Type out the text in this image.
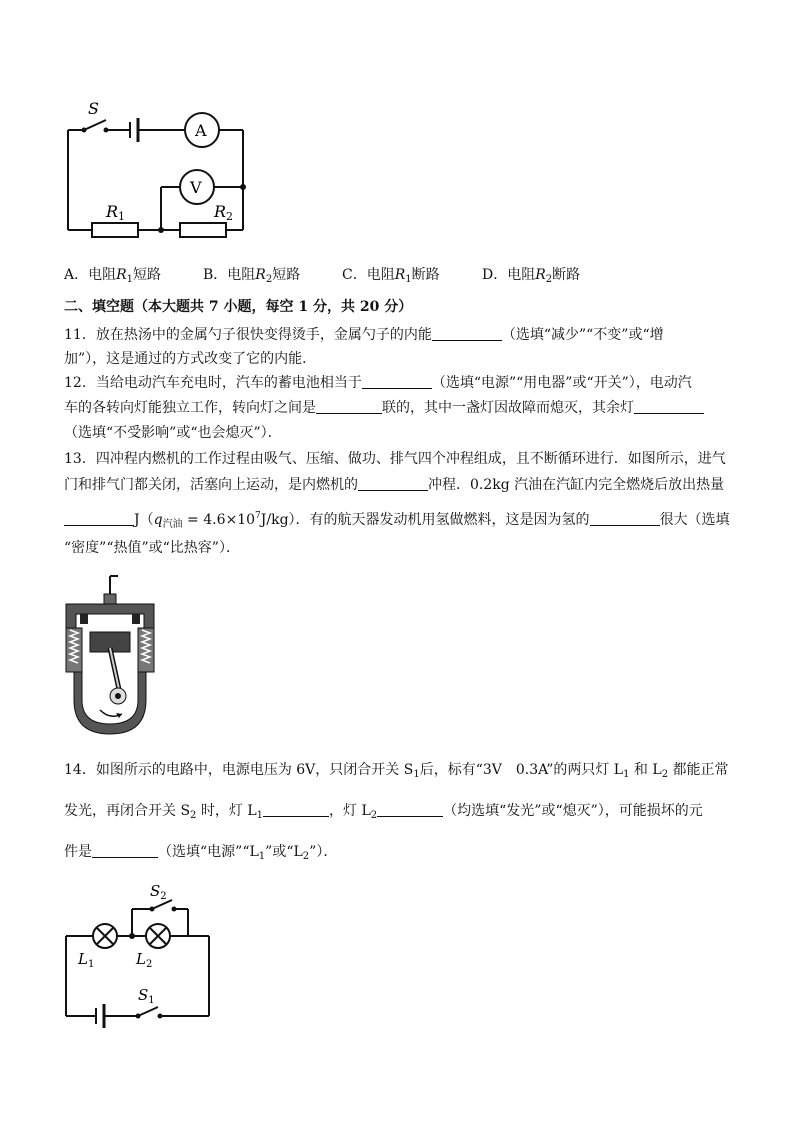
S
A
V
R1	R2
A．电阻$R_1$短路	B．电阻$R_2$短路	C．电阻$R_1$断路	D．电阻$R_2$断路
二、填空题（本大题共 7 小题，每空 1 分，共 20 分）
11．放在热汤中的金属勺子很快变得烫手，金属勺子的内能	（选填“减少”“不变”或“增
加”），这是通过的方式改变了它的内能．
12．当给电动汽车充电时，汽车的蓄电池相当于	（选填“电源”“用电器”或“开关”），电动汽
车的各转向灯能独立工作，转向灯之间是	联的，其中一盏灯因故障而熄灭，其余灯
（选填“不受影响”或“也会熄灭”）．
13．四冲程内燃机的工作过程由吸气、压缩、做功、排气四个冲程组成，且不断循环进行．如图所示，进气
门和排气门都关闭，活塞向上运动，是内燃机的	冲程．0.2kg 汽油在汽缸内完全燃烧后放出热量
$J(q_{汽油} = 4.6\times 10^7J/kg)$．有的航天器发动机用氢做燃料，这是因为氢的	很大（选填
“密度”“热值”或“比热容”）．
14．如图所示的电路中，电源电压为 6V，只闭合开关 $S_1$后，标有“3V　0.3A”的两只灯 $L_1$ 和 $L_2$ 都能正常
发光，再闭合开关 $S_2$ 时，灯 $L_1$	，灯 $L_2$	（均选填“发光”或“熄灭”），可能损坏的元
件是	（选填“电源$”“L_1$”或“$L_2$”）．
$S_2$
$L_1$	$L_2$
$S_1$
